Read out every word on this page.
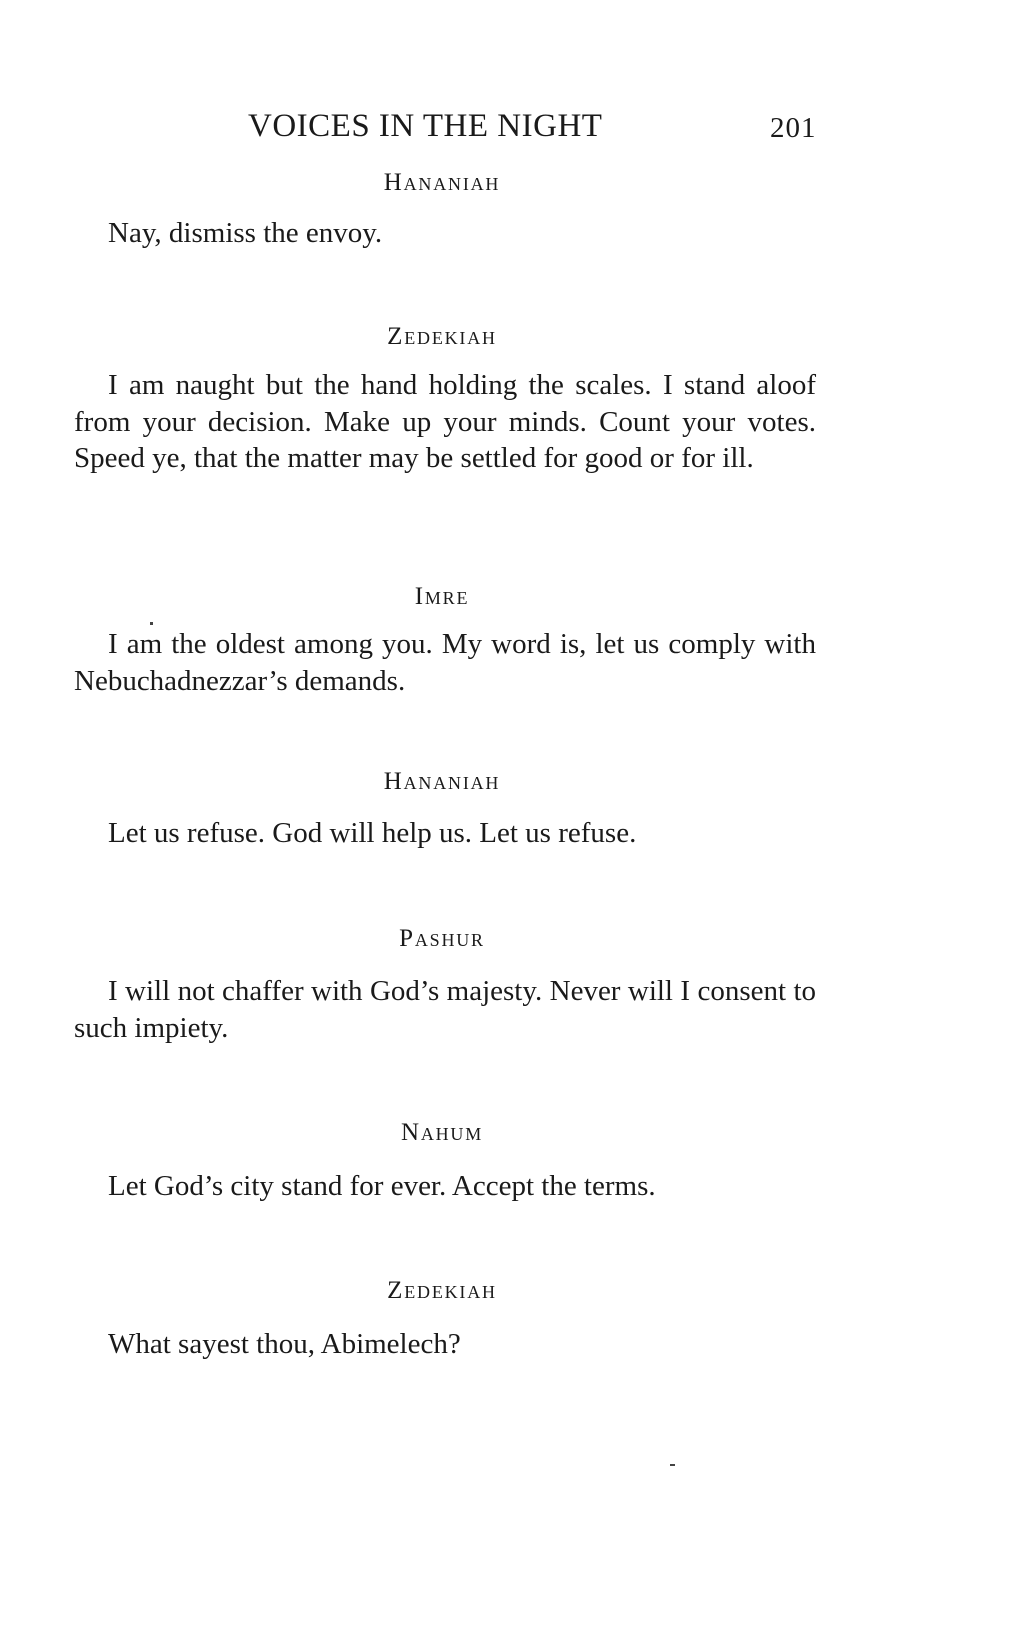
VOICES IN THE NIGHT	201
Hananiah

Nay, dismiss the envoy.

Zedekiah

I am naught but the hand holding the scales. I stand aloof from your decision. Make up your minds. Count your votes. Speed ye, that the matter may be settled for good or for ill.

Imre

I am the oldest among you. My word is, let us comply with Nebuchadnezzar’s demands.

Hananiah

Let us refuse. God will help us. Let us refuse.

Pashur

I will not chaffer with God’s majesty. Never will I consent to such impiety.

Nahum

Let God’s city stand for ever. Accept the terms.

Zedekiah

What sayest thou, Abimelech?
